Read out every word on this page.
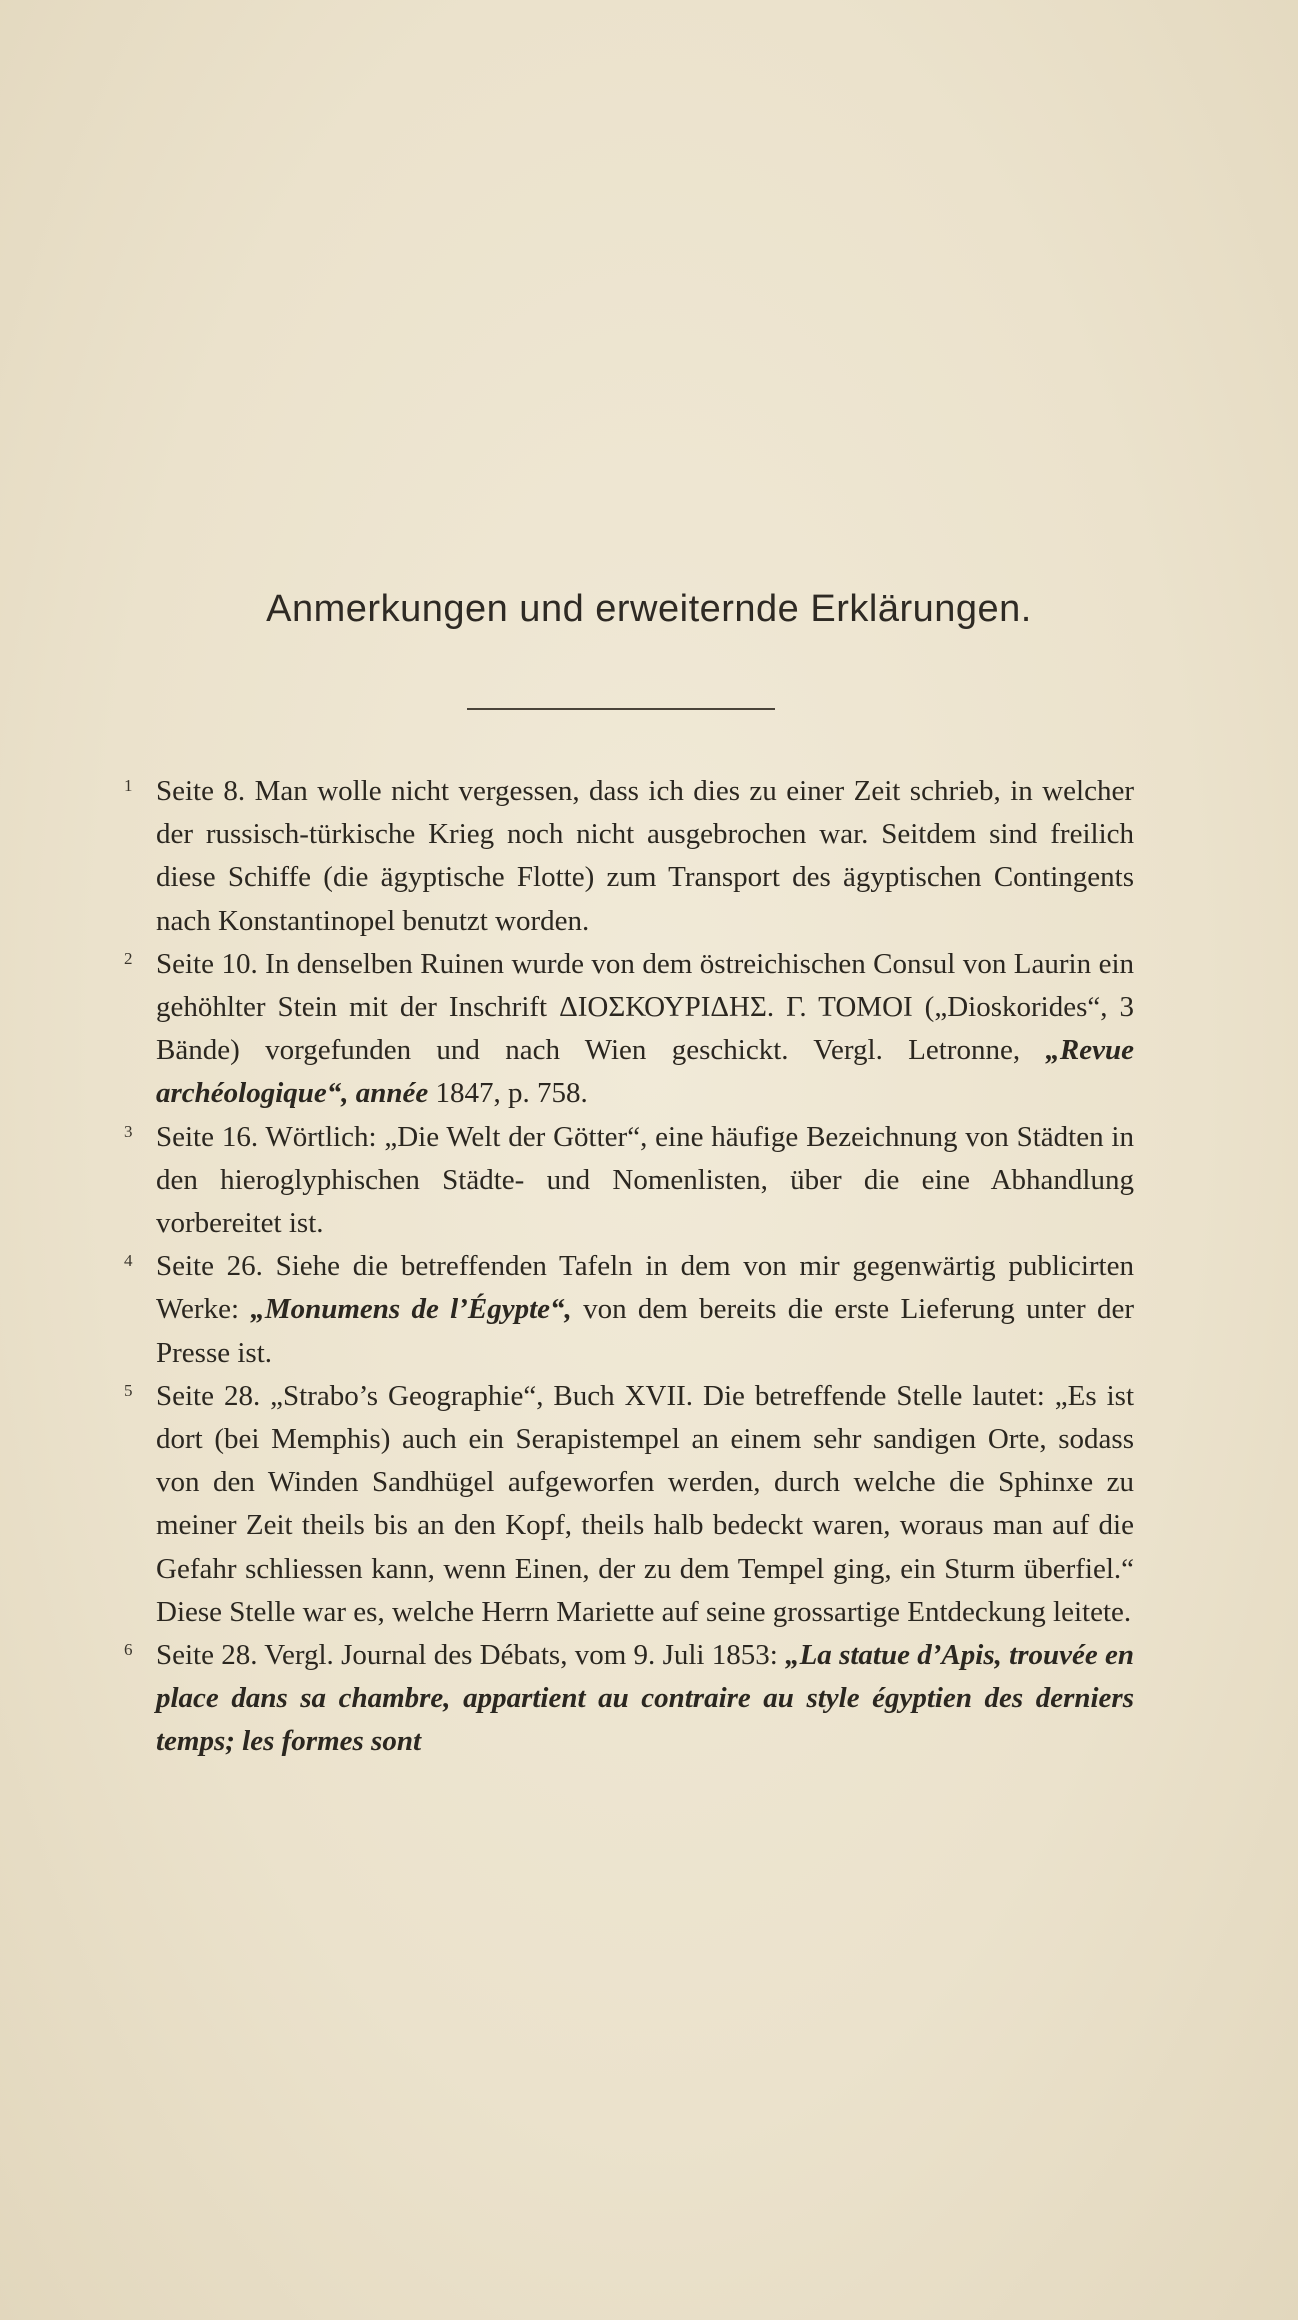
Anmerkungen und erweiternde Erklärungen.
1 Seite 8. Man wolle nicht vergessen, dass ich dies zu einer Zeit schrieb, in welcher der russisch-türkische Krieg noch nicht ausgebrochen war. Seitdem sind freilich diese Schiffe (die ägyptische Flotte) zum Transport des ägyptischen Contingents nach Konstantinopel benutzt worden.
2 Seite 10. In denselben Ruinen wurde von dem östreichischen Consul von Laurin ein gehöhlter Stein mit der Inschrift ΔΙΟΣΚΟΥΡΙΔΗΣ. Γ. ΤΟΜΟΙ („Dioskorides“, 3 Bände) vorgefunden und nach Wien geschickt. Vergl. Letronne, „Revue archéologique“, année 1847, p. 758.
3 Seite 16. Wörtlich: „Die Welt der Götter“, eine häufige Bezeichnung von Städten in den hieroglyphischen Städte- und Nomenlisten, über die eine Abhandlung vorbereitet ist.
4 Seite 26. Siehe die betreffenden Tafeln in dem von mir gegenwärtig publicirten Werke: „Monumens de l’Égypte“, von dem bereits die erste Lieferung unter der Presse ist.
5 Seite 28. „Strabo’s Geographie“, Buch XVII. Die betreffende Stelle lautet: „Es ist dort (bei Memphis) auch ein Serapistempel an einem sehr sandigen Orte, sodass von den Winden Sandhügel aufgeworfen werden, durch welche die Sphinxe zu meiner Zeit theils bis an den Kopf, theils halb bedeckt waren, woraus man auf die Gefahr schliessen kann, wenn Einen, der zu dem Tempel ging, ein Sturm überfiel.“ Diese Stelle war es, welche Herrn Mariette auf seine grossartige Entdeckung leitete.
6 Seite 28. Vergl. Journal des Débats, vom 9. Juli 1853: „La statue d’Apis, trouvée en place dans sa chambre, appartient au contraire au style égyptien des derniers temps; les formes sont
